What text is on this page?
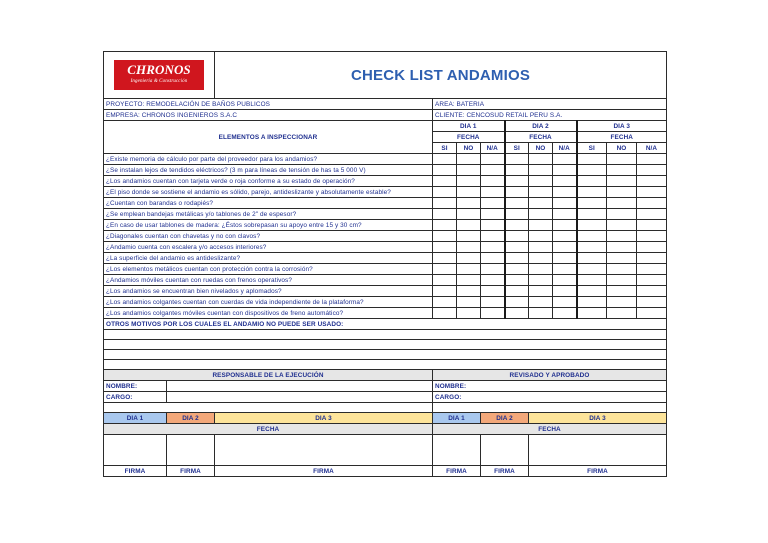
CHRONOS
Ingeniería & Construcción		CHECK LIST ANDAMIOS									
PROYECTO: REMODELACIÓN DE BAÑOS PUBLICOS			AREA: BATERIA								
EMPRESA: CHRONOS INGENIEROS S.A.C			CLIENTE: CENCOSUD RETAIL PERU S.A.								
ELEMENTOS A INSPECCIONAR			DIA 1			DIA 2			DIA 3		
			FECHA			FECHA			FECHA		
			SI	NO	N/A	SI	NO	N/A	SI	NO	N/A
¿Existe memoria de cálculo por parte del proveedor para los andamios?											
¿Se instalan lejos de tendidos eléctricos? (3 m para líneas de tensión de has ta 5 000 V)											
¿Los andamios cuentan con tarjeta verde o roja conforme a su estado de operación?											
¿El piso donde se sostiene el andamio es sólido, parejo, antideslizante y absolutamente estable?											
¿Cuentan con barandas o rodapiés?											
¿Se emplean bandejas metálicas y/o tablones de 2" de espesor?											
¿En caso de usar tablones de madera: ¿Éstos sobrepasan su apoyo entre 15 y 30 cm?											
¿Diagonales cuentan con chavetas y no con clavos?											
¿Andamio cuenta con escalera y/o accesos interiores?											
¿La superficie del andamio es antideslizante?											
¿Los elementos metálicos cuentan con protección contra la corrosión?											
¿Andamios móviles cuentan con ruedas con frenos operativos?											
¿Los andamios se encuentran bien nivelados y aplomados?											
¿Los andamios colgantes cuentan con cuerdas de vida independiente de la plataforma?											
¿Los andamios colgantes móviles cuentan con dispositivos de freno automático?											
OTROS MOTIVOS POR LOS CUALES EL ANDAMIO NO PUEDE SER USADO:											

RESPONSABLE DE LA EJECUCIÓN			REVISADO Y APROBADO								
NOMBRE:			NOMBRE:								
CARGO:			CARGO:								

DIA 1	DIA 2	DIA 3	DIA 1		DIA 2		DIA 3				
FECHA			FECHA								

FIRMA	FIRMA	FIRMA	FIRMA		FIRMA		FIRMA				
